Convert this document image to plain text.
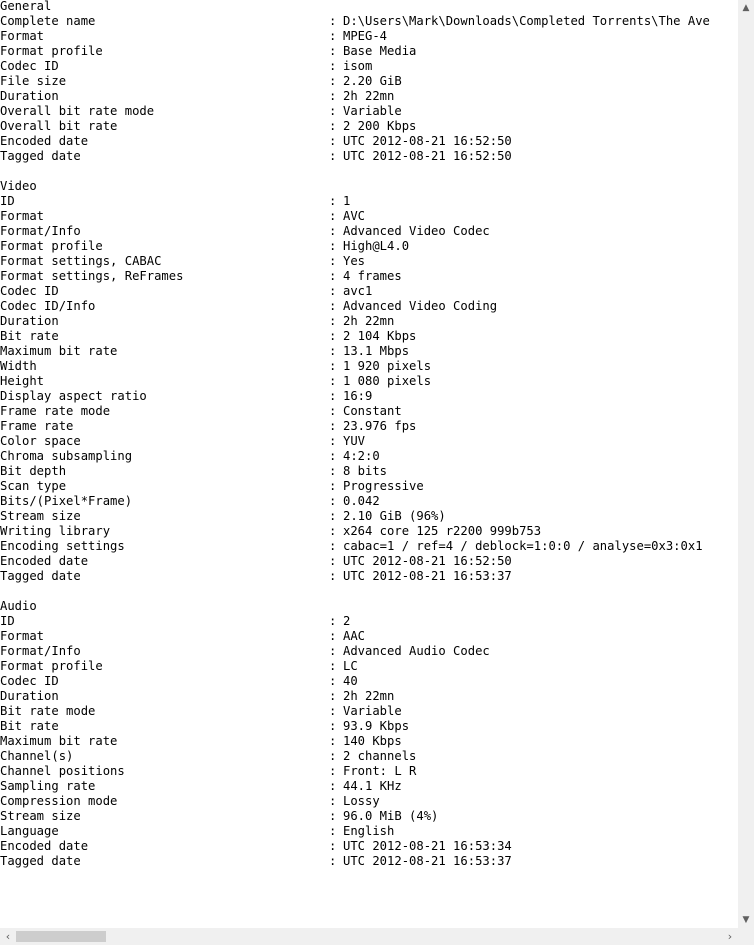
General
Complete name	: D:\Users\Mark\Downloads\Completed Torrents\The Ave
Format	: MPEG-4
Format profile	: Base Media
Codec ID	: isom
File size	: 2.20 GiB
Duration	: 2h 22mn
Overall bit rate mode	: Variable
Overall bit rate	: 2 200 Kbps
Encoded date	: UTC 2012-08-21 16:52:50
Tagged date	: UTC 2012-08-21 16:52:50
Video
ID	: 1
Format	: AVC
Format/Info	: Advanced Video Codec
Format profile	: High@L4.0
Format settings, CABAC	: Yes
Format settings, ReFrames	: 4 frames
Codec ID	: avc1
Codec ID/Info	: Advanced Video Coding
Duration	: 2h 22mn
Bit rate	: 2 104 Kbps
Maximum bit rate	: 13.1 Mbps
Width	: 1 920 pixels
Height	: 1 080 pixels
Display aspect ratio	: 16:9
Frame rate mode	: Constant
Frame rate	: 23.976 fps
Color space	: YUV
Chroma subsampling	: 4:2:0
Bit depth	: 8 bits
Scan type	: Progressive
Bits/(Pixel*Frame)	: 0.042
Stream size	: 2.10 GiB (96%)
Writing library	: x264 core 125 r2200 999b753
Encoding settings	: cabac=1 / ref=4 / deblock=1:0:0 / analyse=0x3:0x1
Encoded date	: UTC 2012-08-21 16:52:50
Tagged date	: UTC 2012-08-21 16:53:37
Audio
ID	: 2
Format	: AAC
Format/Info	: Advanced Audio Codec
Format profile	: LC
Codec ID	: 40
Duration	: 2h 22mn
Bit rate mode	: Variable
Bit rate	: 93.9 Kbps
Maximum bit rate	: 140 Kbps
Channel(s)	: 2 channels
Channel positions	: Front: L R
Sampling rate	: 44.1 KHz
Compression mode	: Lossy
Stream size	: 96.0 MiB (4%)
Language	: English
Encoded date	: UTC 2012-08-21 16:53:34
Tagged date	: UTC 2012-08-21 16:53:37
▲
▼
‹	›
